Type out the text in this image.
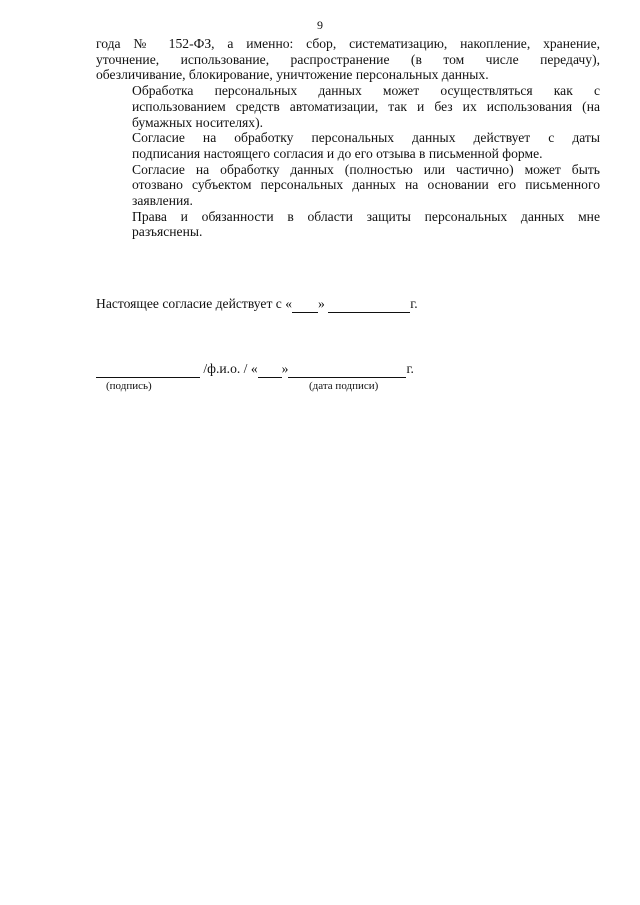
9

года № 152-ФЗ, а именно: сбор, систематизацию, накопление, хранение,
уточнение, использование, распространение (в том числе передачу),
обезличивание, блокирование, уничтожение персональных данных.

Обработка персональных данных может осуществляться как с
использованием средств автоматизации, так и без их использования (на
бумажных носителях).

Согласие на обработку персональных данных действует с даты
подписания настоящего согласия и до его отзыва в письменной форме.

Согласие на обработку данных (полностью или частично) может быть
отозвано субъектом персональных данных на основании его письменного
заявления.

Права и обязанности в области защиты персональных данных мне
разъяснены.

Настоящее согласие действует с « »	г.
/ф.и.о. / « »	г.
(подпись)	(дата подписи)
